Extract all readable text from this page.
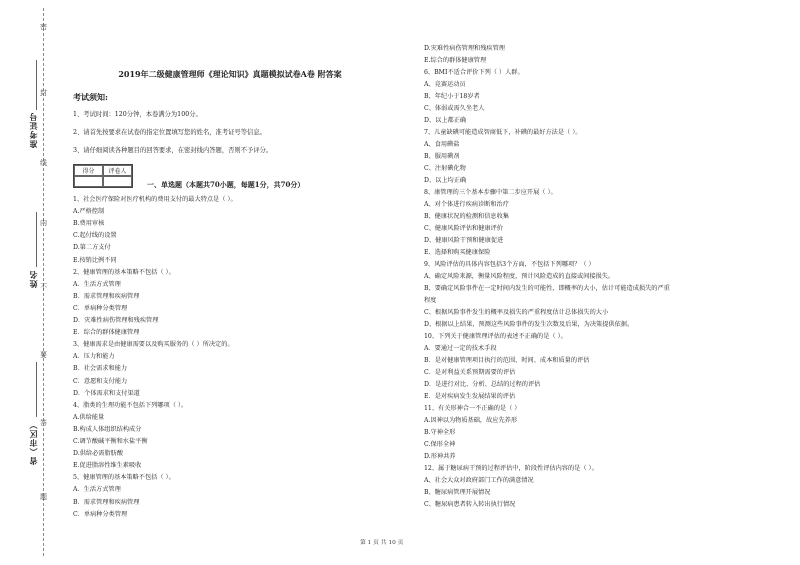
准考证号
姓名
省（市区）
密
封
线
内
不
要
答
题
2019年二级健康管理师《理论知识》真题模拟试卷A卷 附答案
考试须知:
1、考试时间：120分钟，本卷满分为100分。
2、请首先按要求在试卷的指定位置填写您的姓名，准考证号等信息。
3、请仔细阅读各种题目的回答要求，在密封线内答题，否则不予评分。
得分	评卷人
一、单选题（本题共70小题，每题1分，共70分）
1、社会医疗保险对医疗机构的费用支付的最大特点是（ ）。
A.严格控制
B.费用审核
C.起付线的设置
D.第二方支付
E.按销比例不同
2、健康管理的基本策略不包括（ ）。
A．生活方式管理
B．需求管理和疾病管理
C．单病种分类管理
D．灾难性病伤管理和残疾管理
E．综合的群体健康管理
3、健康需求是由健康需要以及购买服务的（ ）所决定的。
A．压力和能力
B．社会需求和能力
C．意愿和支付能力
D．个体需求和支付渠道
4、脂类的生理功能不包括下列哪项（ ）。
A.供给能量
B.构成人体组织结构成分
C.调节酸碱平衡和水盐平衡
D.供给必需脂肪酸
E.促进脂溶性维生素吸收
5、健康管理的基本策略不包括（ ）。
A．生活方式管理
B．需求管理和疾病管理
C．单病种分类管理
D.灾难性病伤管理和残疾管理
E.综合的群体健康管理
6、BMI不适合评价下列（ ）人群。
A、竞赛运动员
B、年纪小于18岁者
C、体弱或需久坐老人
D、以上都正确
7、儿童缺碘可能造成智商低下，补碘的最好方法是（ ）。
A、食用碘盐
B、服用碘剂
C、注射碘化物
D、以上均正确
8、康管理的三个基本步骤中第二步应开展（ ）。
A、对个体进行疾病诊断和治疗
B、健康状况的检测和信息收集
C、健康风险评估和健康评价
D、健康风险干预和健康促进
E、选择和购买健康保险
9、风险评估的具体内容包括3个方面，不包括下列哪项？（ ）
A、确定风险来源，衡量风险程度，预计风险造成的直接或间接损失。
B、要确定风险事件在一定时间内发生的可能性，即概率的大小，估计可能造成损失的严重
程度
C、根据风险事件发生的概率及损失的严重程度估计总体损失的大小
D、根据以上结果，预测这些风险事件的发生次数及后果，为决策提供依据。
10、下列关于健康管理评估的表述不正确的是（ ）。
A．要通过一定的技术手段
B．是对健康管理项目执行的范围、时间、成本和质量的评估
C．是对利益关系预期需要的评估
D．是进行对比、分析、总结的过程的评估
E．是对疾病发生发展结果的评估
11、有关形神合一不正确的是（ ）
A.因神以为物质基础，故应先养形
B.守神全形
C.保形全神
D.形神共养
12、属于糖尿病干预的过程评估中，阶段性评估内容的是（ ）。
A、社会大众对政府部门工作的满意情况
B、糖尿病管理开展情况
C、糖尿病患者转入转出执行情况
第 1 页 共 10 页
